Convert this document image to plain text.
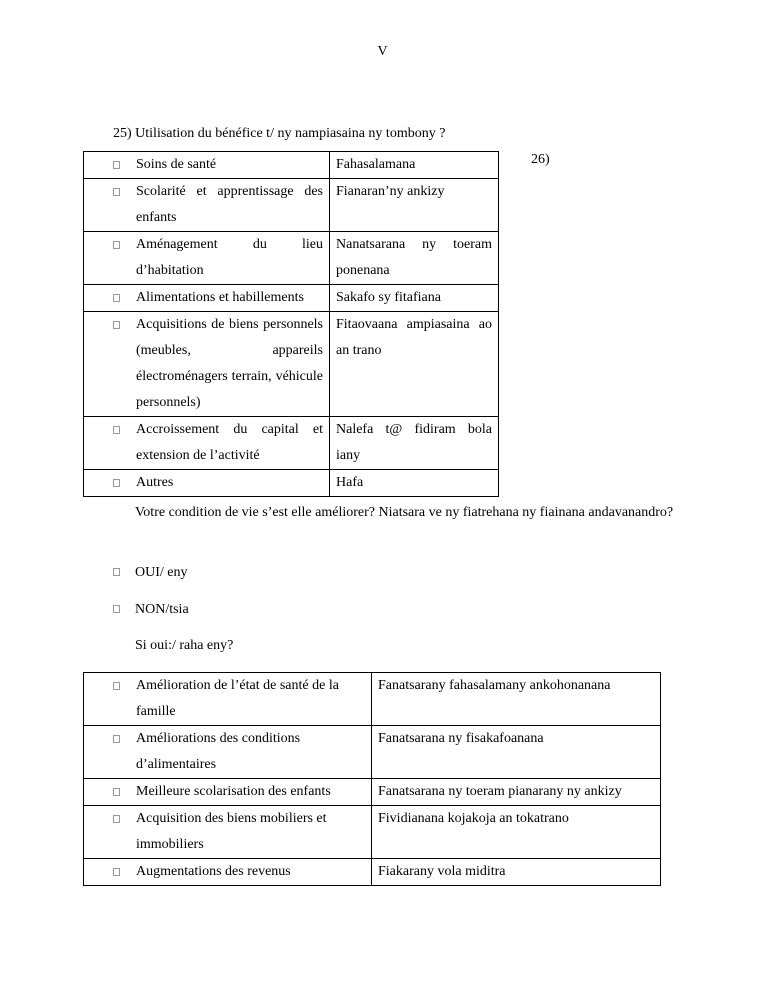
V
25) Utilisation du bénéfice t/ ny nampiasaina ny tombony ?
26)
Soins de santé	Fahasalamana

Scolarité et apprentissage des enfants	Fianaran’ny ankizy

Aménagement du lieu d’habitation	Nanatsarana ny toeram ponenana

Alimentations et habillements	Sakafo sy fitafiana

Acquisitions de biens personnels (meubles, appareils électroménagers terrain, véhicule personnels)	Fitaovaana ampiasaina ao an trano

Accroissement du capital et extension de l’activité	Nalefa t@ fidiram bola iany

Autres	Hafa
Votre condition de vie s’est elle améliorer? Niatsara ve ny fiatrehana ny fiainana andavanandro?
OUI/ eny
NON/tsia
Si oui:/ raha eny?
Amélioration de l’état de santé de la famille	Fanatsarany fahasalamany ankohonanana

Améliorations des conditions d’alimentaires	Fanatsarana ny fisakafoanana

Meilleure scolarisation des enfants	Fanatsarana ny toeram pianarany ny ankizy

Acquisition des biens mobiliers et immobiliers	Fividianana kojakoja an tokatrano

Augmentations des revenus	Fiakarany vola miditra
